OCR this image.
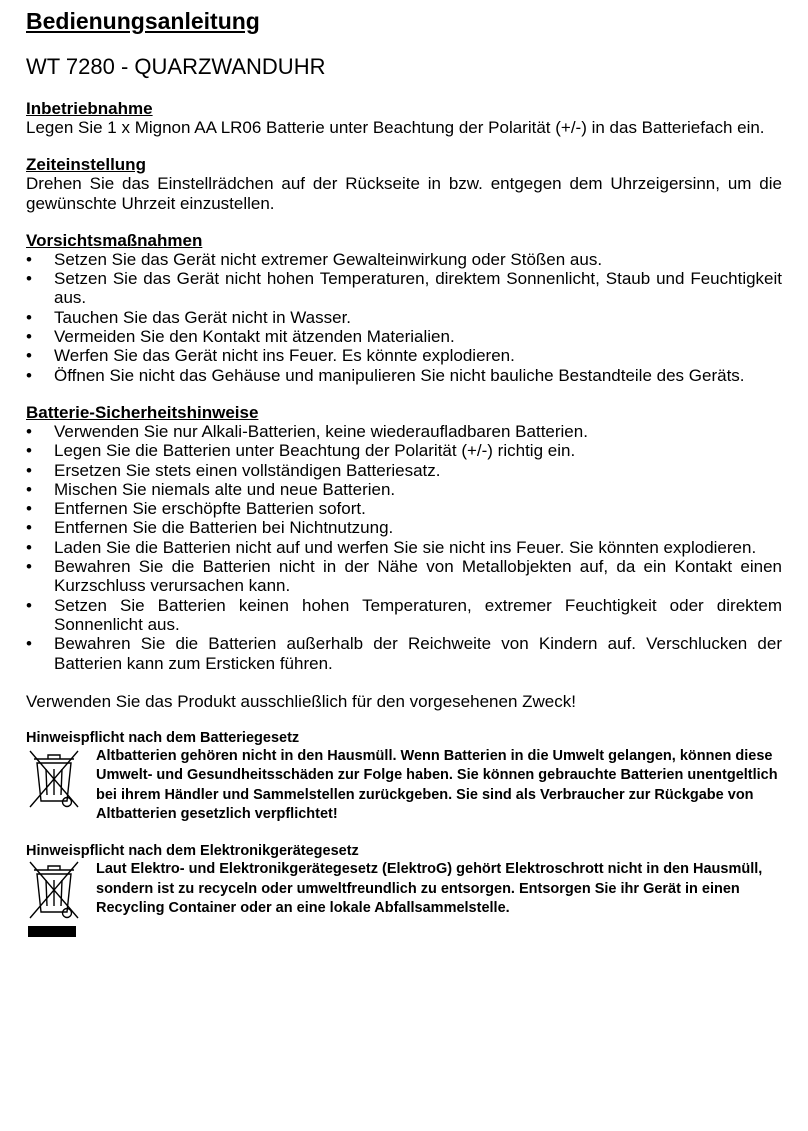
Bedienungsanleitung
WT 7280 - QUARZWANDUHR
Inbetriebnahme

Legen Sie 1 x Mignon AA LR06 Batterie unter Beachtung der Polarität (+/-) in das Batteriefach ein.

Zeiteinstellung

Drehen Sie das Einstellrädchen auf der Rückseite in bzw. entgegen dem Uhrzeigersinn, um die gewünschte Uhrzeit einzustellen.

Vorsichtsmaßnahmen
• Setzen Sie das Gerät nicht extremer Gewalteinwirkung oder Stößen aus.
• Setzen Sie das Gerät nicht hohen Temperaturen, direktem Sonnenlicht, Staub und Feuchtigkeit aus.
• Tauchen Sie das Gerät nicht in Wasser.
• Vermeiden Sie den Kontakt mit ätzenden Materialien.
• Werfen Sie das Gerät nicht ins Feuer. Es könnte explodieren.
• Öffnen Sie nicht das Gehäuse und manipulieren Sie nicht bauliche Bestandteile des Geräts.
Batterie-Sicherheitshinweise
• Verwenden Sie nur Alkali-Batterien, keine wiederaufladbaren Batterien.
• Legen Sie die Batterien unter Beachtung der Polarität (+/-) richtig ein.
• Ersetzen Sie stets einen vollständigen Batteriesatz.
• Mischen Sie niemals alte und neue Batterien.
• Entfernen Sie erschöpfte Batterien sofort.
• Entfernen Sie die Batterien bei Nichtnutzung.
• Laden Sie die Batterien nicht auf und werfen Sie sie nicht ins Feuer. Sie könnten explodieren.
• Bewahren Sie die Batterien nicht in der Nähe von Metallobjekten auf, da ein Kontakt einen Kurzschluss verursachen kann.
• Setzen Sie Batterien keinen hohen Temperaturen, extremer Feuchtigkeit oder direktem Sonnenlicht aus.
• Bewahren Sie die Batterien außerhalb der Reichweite von Kindern auf. Verschlucken der Batterien kann zum Ersticken führen.

Verwenden Sie das Produkt ausschließlich für den vorgesehenen Zweck!

Hinweispflicht nach dem Batteriegesetz

Altbatterien gehören nicht in den Hausmüll. Wenn Batterien in die Umwelt gelangen, können diese Umwelt- und Gesundheitsschäden zur Folge haben. Sie können gebrauchte Batterien unentgeltlich bei ihrem Händler und Sammelstellen zurückgeben. Sie sind als Verbraucher zur Rückgabe von Altbatterien gesetzlich verpflichtet!

Hinweispflicht nach dem Elektronikgerätegesetz

Laut Elektro- und Elektronikgerätegesetz (ElektroG) gehört Elektroschrott nicht in den Hausmüll, sondern ist zu recyceln oder umweltfreundlich zu entsorgen. Entsorgen Sie ihr Gerät in einen Recycling Container oder an eine lokale Abfallsammelstelle.
